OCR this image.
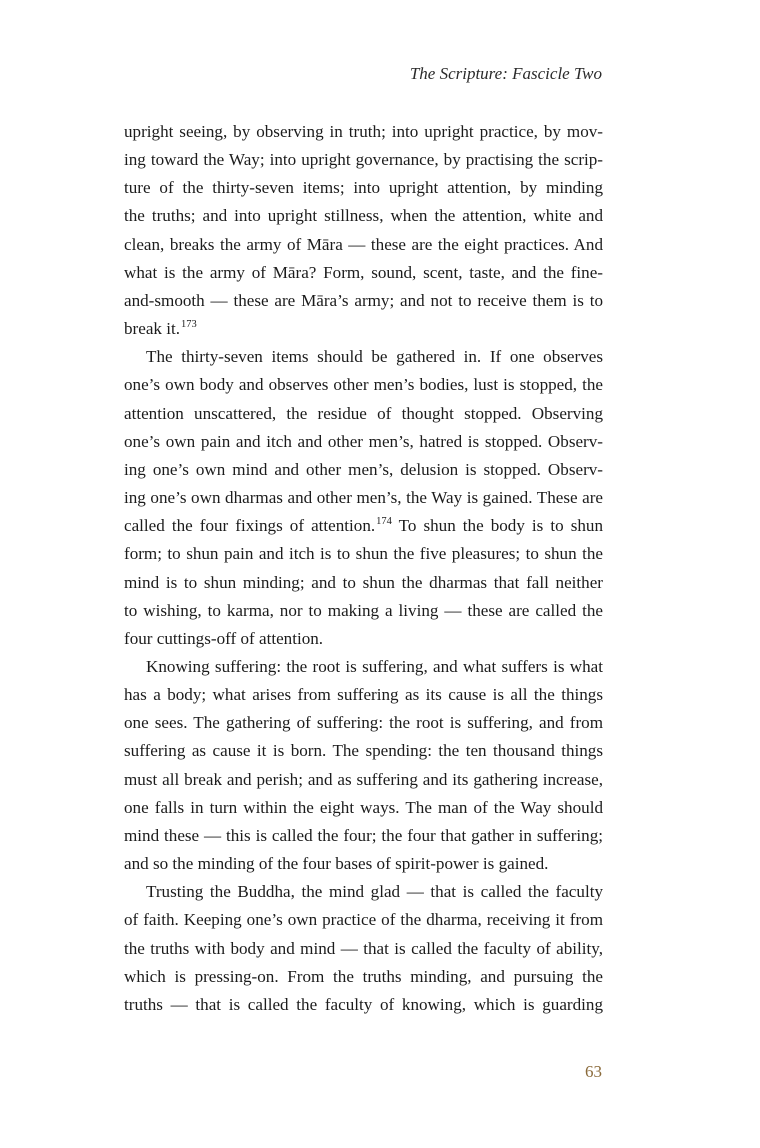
The Scripture: Fascicle Two

upright seeing, by observing in truth; into upright practice, by mov-
ing toward the Way; into upright governance, by practising the scrip-
ture of the thirty-seven items; into upright attention, by minding
the truths; and into upright stillness, when the attention, white and
clean, breaks the army of Māra — these are the eight practices. And
what is the army of Māra? Form, sound, scent, taste, and the fine-
and-smooth — these are Māra’s army; and not to receive them is to
break it.$^{173}$

The thirty-seven items should be gathered in. If one observes
one’s own body and observes other men’s bodies, lust is stopped, the
attention unscattered, the residue of thought stopped. Observing
one’s own pain and itch and other men’s, hatred is stopped. Observ-
ing one’s own mind and other men’s, delusion is stopped. Observ-
ing one’s own dharmas and other men’s, the Way is gained. These are
called the four fixings of attention.$^{174}$ To shun the body is to shun
form; to shun pain and itch is to shun the five pleasures; to shun the
mind is to shun minding; and to shun the dharmas that fall neither
to wishing, to karma, nor to making a living — these are called the
four cuttings-off of attention.

Knowing suffering: the root is suffering, and what suffers is what
has a body; what arises from suffering as its cause is all the things
one sees. The gathering of suffering: the root is suffering, and from
suffering as cause it is born. The spending: the ten thousand things
must all break and perish; and as suffering and its gathering increase,
one falls in turn within the eight ways. The man of the Way should
mind these — this is called the four; the four that gather in suffering;
and so the minding of the four bases of spirit-power is gained.

Trusting the Buddha, the mind glad — that is called the faculty
of faith. Keeping one’s own practice of the dharma, receiving it from
the truths with body and mind — that is called the faculty of ability,
which is pressing-on. From the truths minding, and pursuing the
truths — that is called the faculty of knowing, which is guarding

63
